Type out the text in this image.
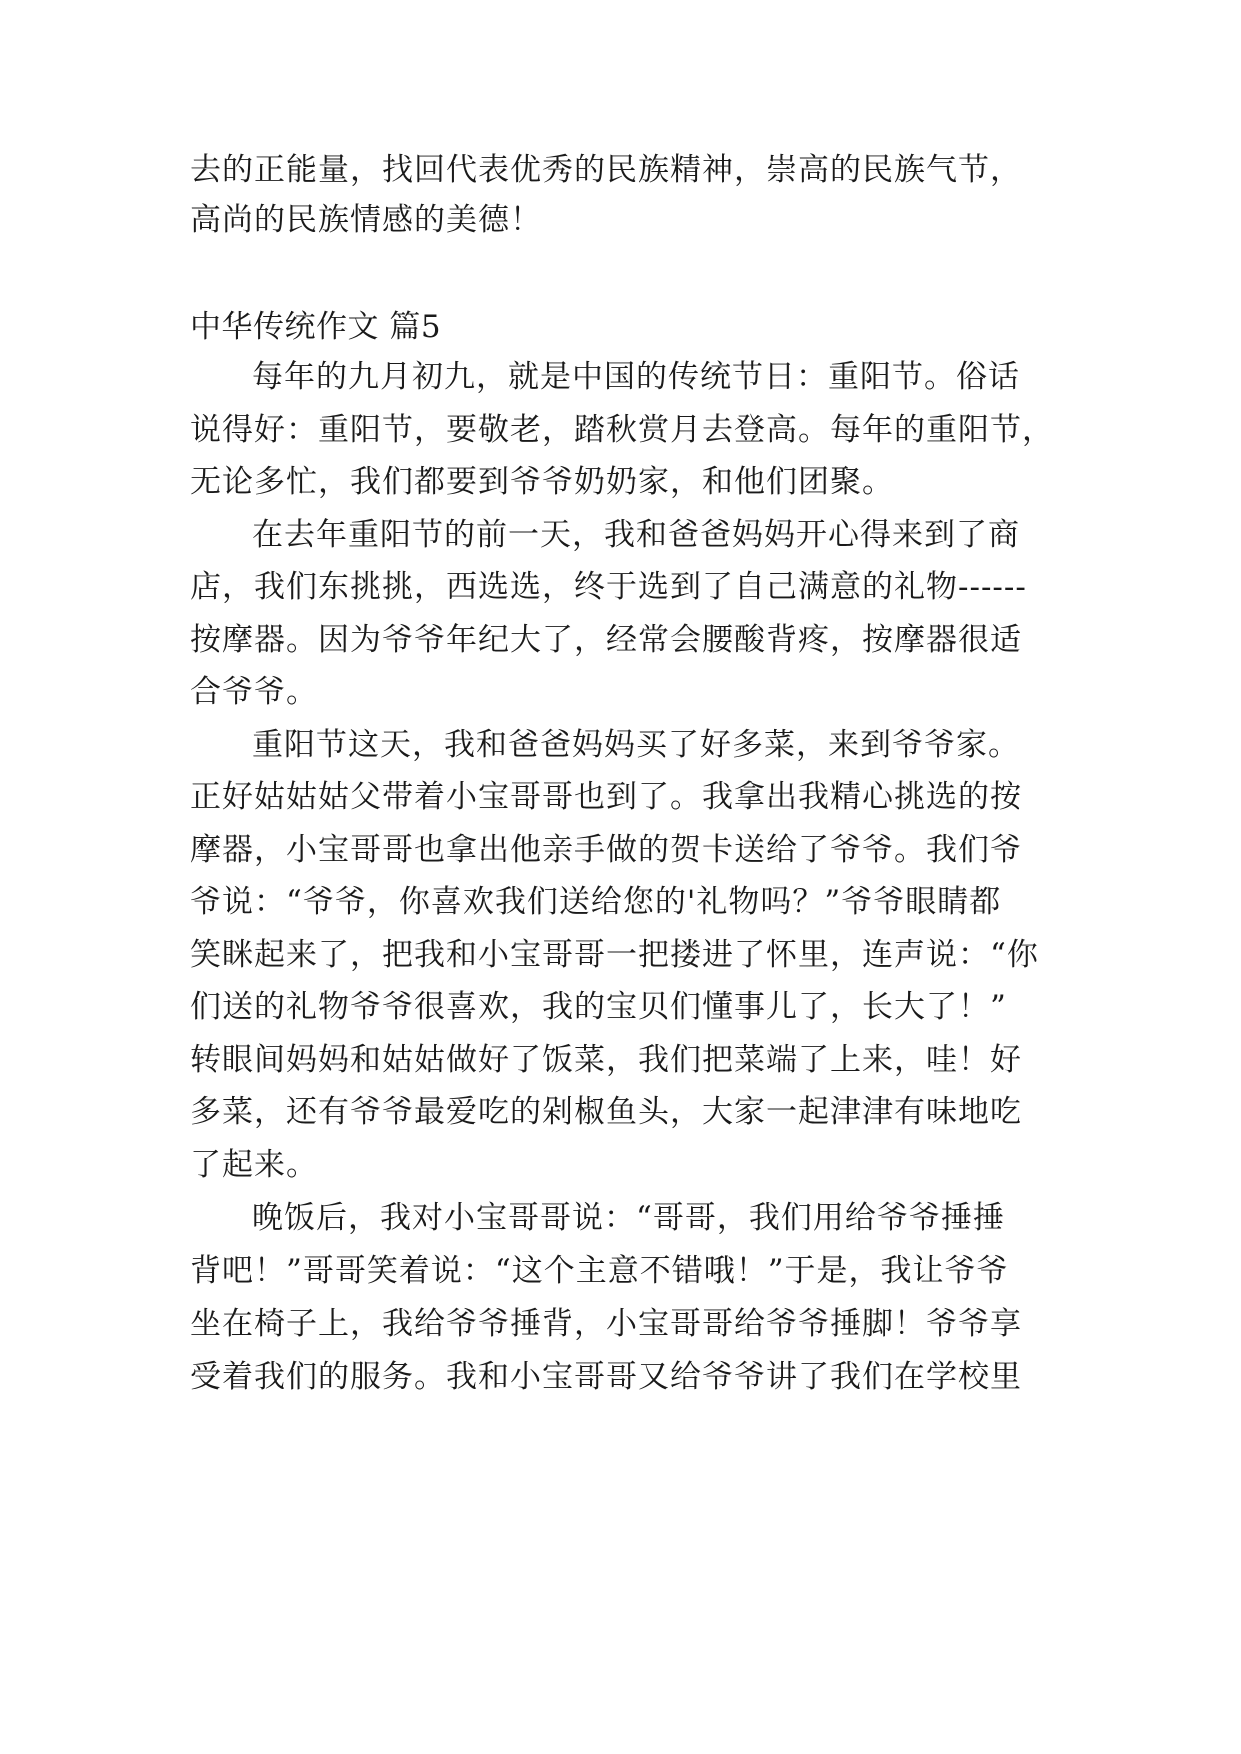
去的正能量，找回代表优秀的民族精神，崇高的民族气节，
高尚的民族情感的美德！
中华传统作文 篇5
每年的九月初九，就是中国的传统节日：重阳节。俗话
说得好：重阳节，要敬老，踏秋赏月去登高。每年的重阳节，
无论多忙，我们都要到爷爷奶奶家，和他们团聚。
在去年重阳节的前一天，我和爸爸妈妈开心得来到了商
店，我们东挑挑，西选选，终于选到了自己满意的礼物------
按摩器。因为爷爷年纪大了，经常会腰酸背疼，按摩器很适
合爷爷。
重阳节这天，我和爸爸妈妈买了好多菜，来到爷爷家。
正好姑姑姑父带着小宝哥哥也到了。我拿出我精心挑选的按
摩器，小宝哥哥也拿出他亲手做的贺卡送给了爷爷。我们爷
爷说：“爷爷，你喜欢我们送给您的'礼物吗？”爷爷眼睛都
笑眯起来了，把我和小宝哥哥一把搂进了怀里，连声说：“你
们送的礼物爷爷很喜欢，我的宝贝们懂事儿了，长大了！”
转眼间妈妈和姑姑做好了饭菜，我们把菜端了上来，哇！好
多菜，还有爷爷最爱吃的剁椒鱼头，大家一起津津有味地吃
了起来。
晚饭后，我对小宝哥哥说：“哥哥，我们用给爷爷捶捶
背吧！”哥哥笑着说：“这个主意不错哦！”于是，我让爷爷
坐在椅子上，我给爷爷捶背，小宝哥哥给爷爷捶脚！爷爷享
受着我们的服务。我和小宝哥哥又给爷爷讲了我们在学校里
